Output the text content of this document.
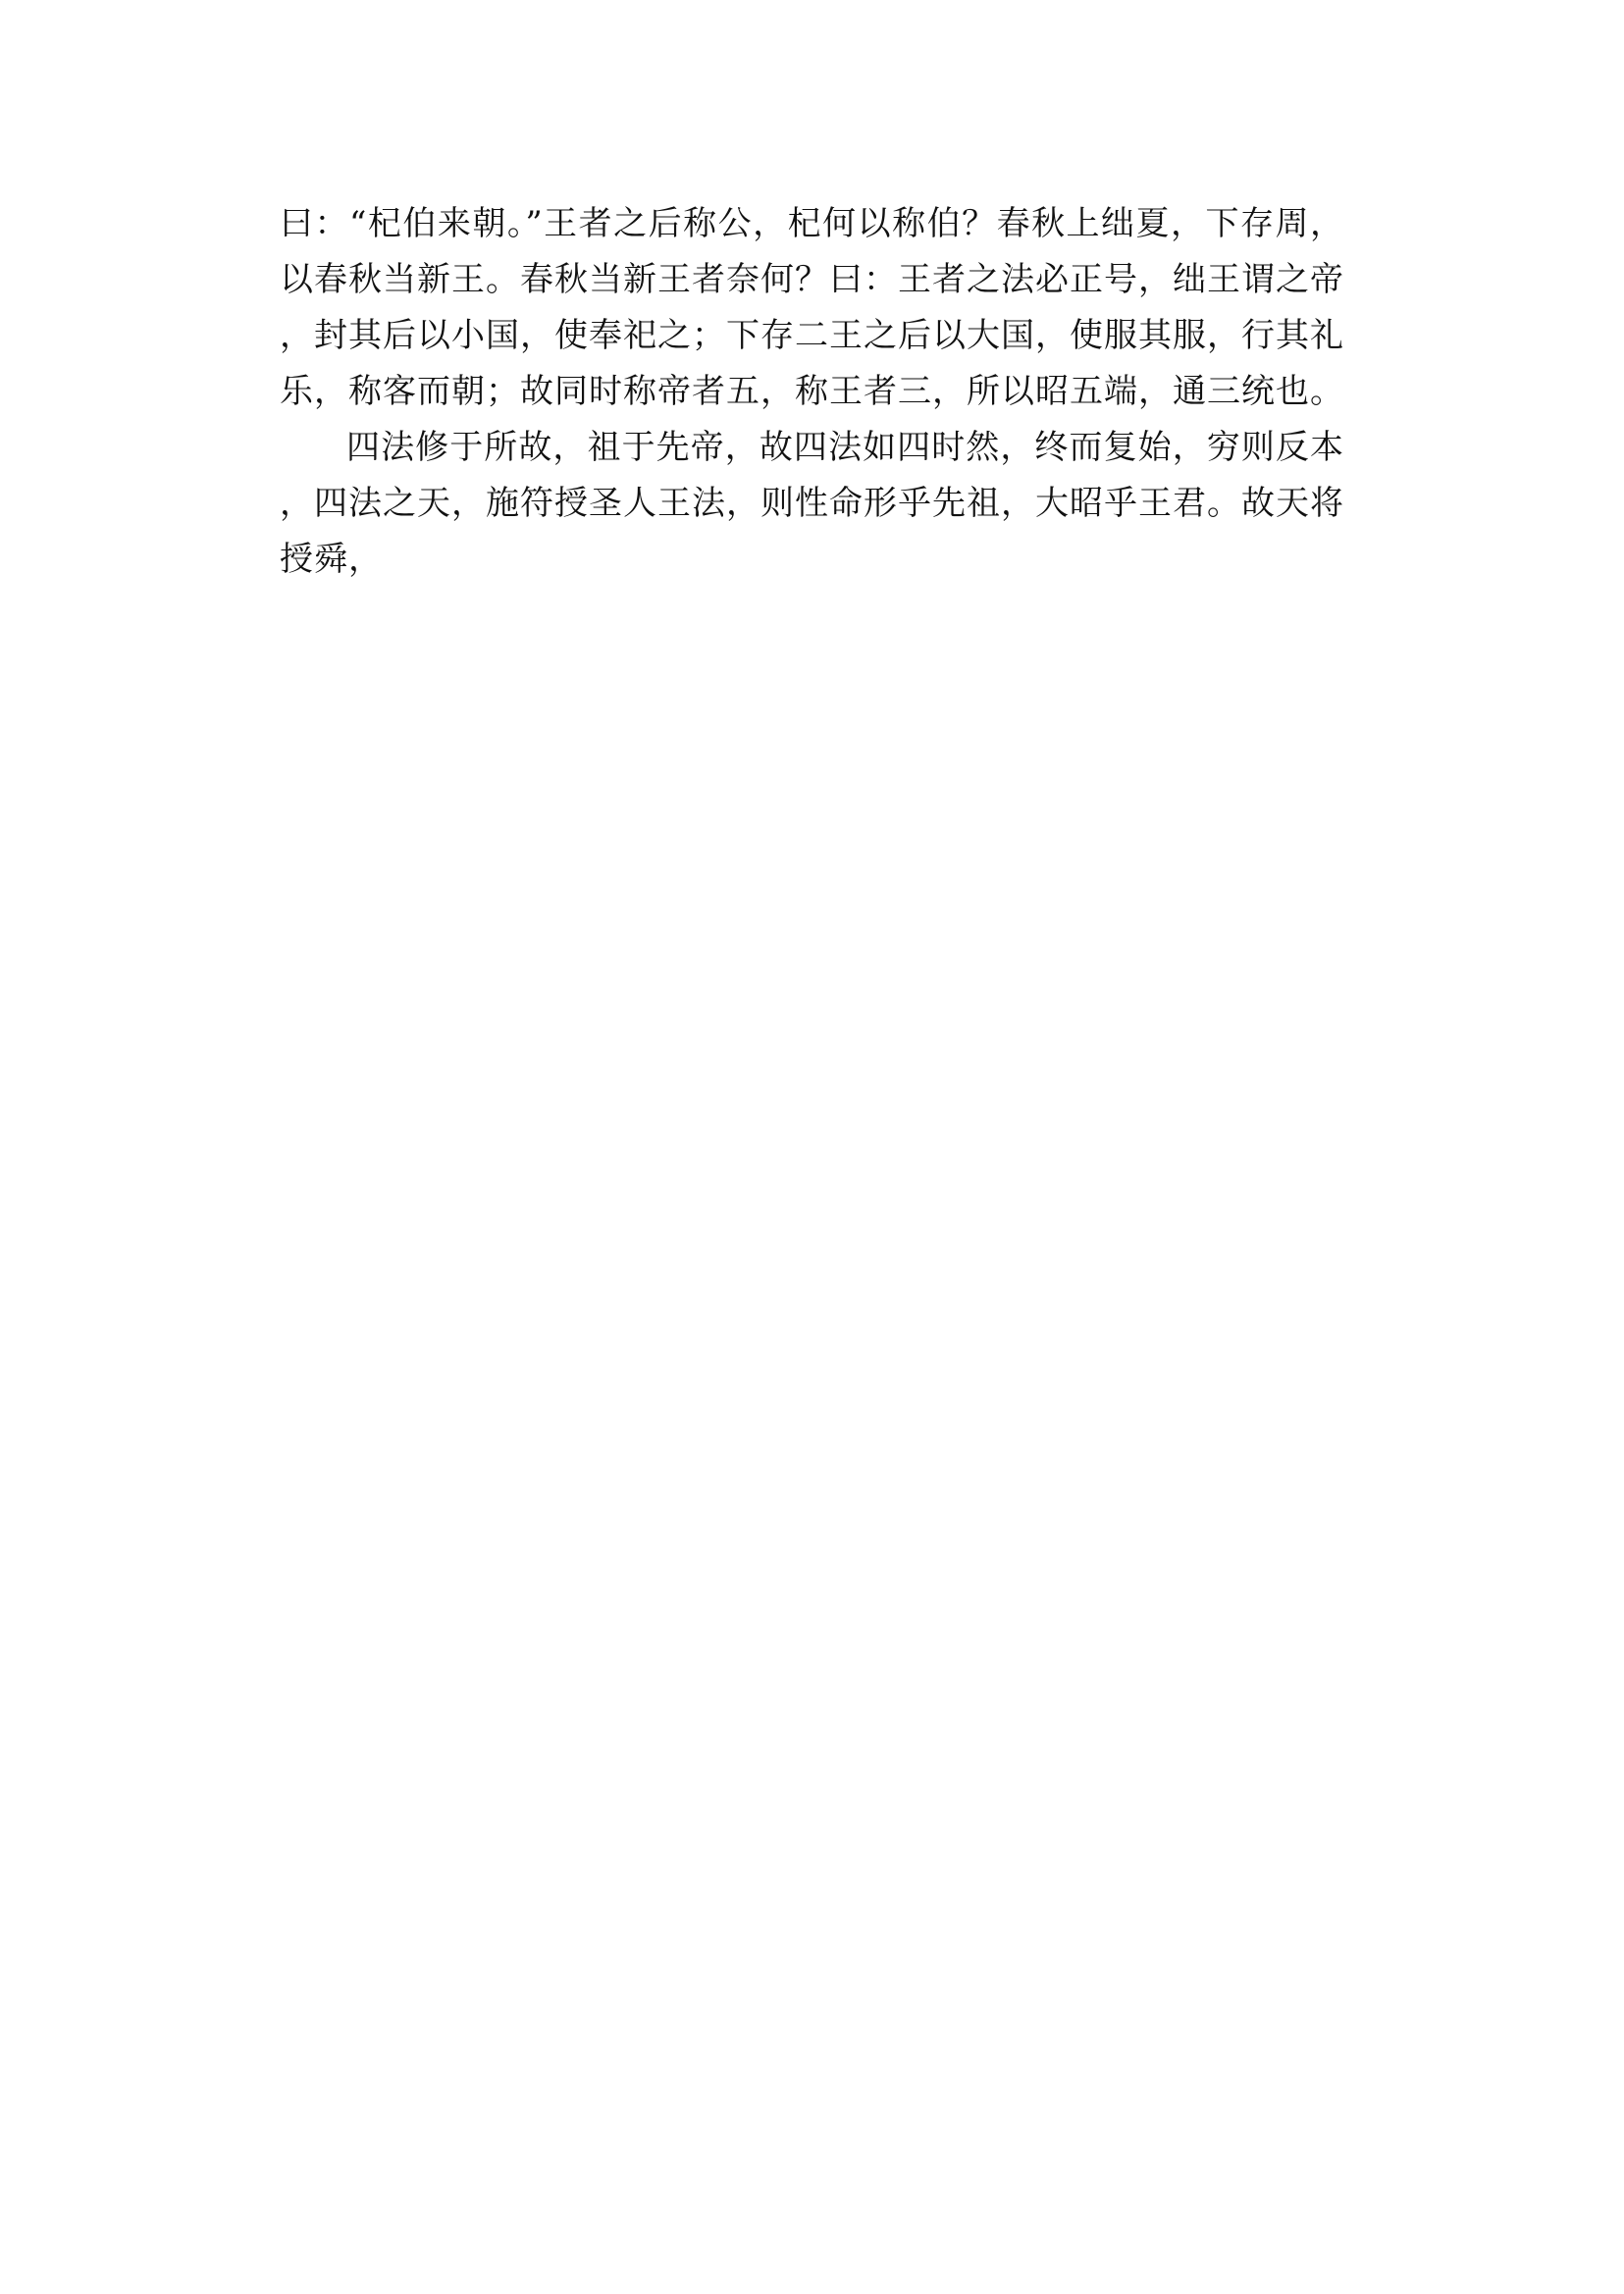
曰：“杞伯来朝。”王者之后称公，杞何以称伯？春秋上绌夏，下存周，以春秋当新王。春秋当新王者奈何？曰：王者之法必正号，绌王谓之帝，封其后以小国，使奉祀之；下存二王之后以大国，使服其服，行其礼乐，称客而朝；故同时称帝者五，称王者三，所以昭五端，通三统也。

四法修于所故，祖于先帝，故四法如四时然，终而复始，穷则反本，四法之天，施符授圣人王法，则性命形乎先祖，大昭乎王君。故天将授舜，
